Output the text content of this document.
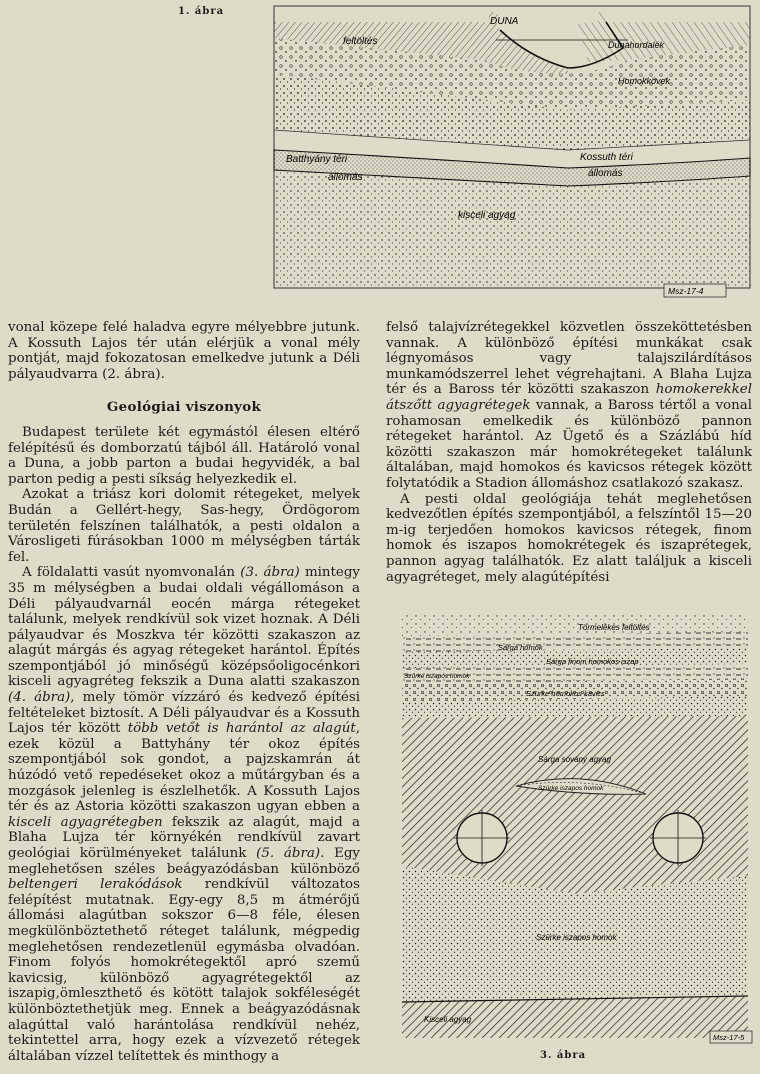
1. ábra
DUNA
feltöltés	Dunahordalék
Homokkövek
Batthyány téri
állomás
Kossuth téri
állomás
kisceli agyag
Msz-17-4

vonal közepe felé haladva egyre mélyebbre jutunk. A Kossuth Lajos tér után elérjük a vonal mély pontját, majd fokozatosan emelkedve jutunk a Déli pályaudvarra (2. ábra).

Geológiai viszonyok

Budapest területe két egymástól élesen eltérő felépítésű és domborzatú tájból áll. Határoló vonal a Duna, a jobb parton a budai hegyvidék, a bal parton pedig a pesti síkság helyezkedik el.

Azokat a triász kori dolomit rétegeket, melyek Budán a Gellért-hegy, Sas-hegy, Ördögorom területén felszínen találhatók, a pesti oldalon a Városligeti fúrásokban 1000 m mélységben tárták fel.

A földalatti vasút nyomvonalán (3. ábra) mintegy 35 m mélységben a budai oldali végállomáson a Déli pályaudvarnál eocén márga rétegeket találunk, melyek rendkívül sok vizet hoznak. A Déli pályaudvar és Moszkva tér közötti szakaszon az alagút márgás és agyag rétegeket harántol. Építés szempontjából jó minőségű középsőoligocénkori kisceli agyagréteg fekszik a Duna alatti szakaszon (4. ábra), mely tömör vízzáró és kedvező építési feltételeket biztosít. A Déli pályaudvar és a Kossuth Lajos tér között több vetőt is harántol az alagút, ezek közül a Battyhány tér okoz építés szempontjából sok gondot, a pajzskamrán át húzódó vető repedéseket okoz a műtárgyban és a mozgások jelenleg is észlelhetők. A Kossuth Lajos tér és az Astoria közötti szakaszon ugyan ebben a kisceli agyagrétegben fekszik az alagút, majd a Blaha Lujza tér környékén rendkívül zavart geológiai körülményeket találunk (5. ábra). Egy meglehetősen széles beágyazódásban különböző beltengeri lerakódások rendkívül változatos felépítést mutatnak. Egy-egy 8,5 m átmérőjű állomási alagútban sokszor 6—8 féle, élesen megkülönböztethető réteget találunk, mégpedig meglehetősen rendezetlenül egymásba olvadóan. Finom folyós homokrétegektől apró szemű kavicsig, különböző agyagrétegektől az iszapig,ömleszthető és kötött talajok sokféleségét különböztethetjük meg. Ennek a beágyazódásnak alagúttal való harántolása rendkívül nehéz, tekintettel arra, hogy ezek a vízvezető rétegek általában vízzel telítettek és minthogy a

felső talajvízrétegekkel közvetlen összeköttetésben vannak. A különböző építési munkákat csak légnyomásos vagy talajszilárdításos munkamódszerrel lehet végrehajtani. A Blaha Lujza tér és a Baross tér közötti szakaszon homokerekkel átszőtt agyagrétegek vannak, a Baross tértől a vonal rohamosan emelkedik és különböző pannon rétegeket harántol. Az Ügető és a Százlábú híd közötti szakaszon már homokrétegeket találunk általában, majd homokos és kavicsos rétegek között folytatódik a Stadion állomáshoz csatlakozó szakasz.

A pesti oldal geológiája tehát meglehetősen kedvezőtlen építés szempontjából, a felszíntől 15—20 m-ig terjedően homokos kavicsos rétegek, finom homok és iszapos homokrétegek és iszaprétegek, pannon agyag találhatók. Ez alatt találjuk a kisceli agyagréteget, mely alagútépítési

Törmelékes feltöltés
Sárga homok
Sárga finom homokos iszap
Szürke iszapos homok
Szürke homokos kavics
Sárga sovány agyag
Szürke iszapos homok
Szürke iszapos homok
Kisceli agyag
Msz-17-5
3. ábra
